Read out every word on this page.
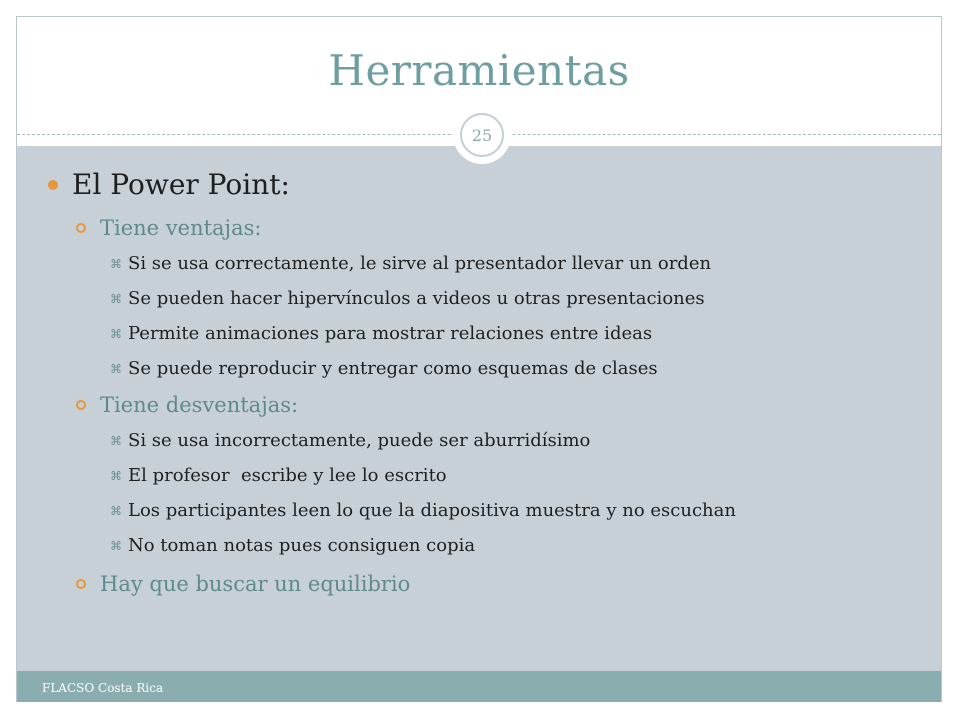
Herramientas
FLACSO Costa Rica
25
El Power Point:
Tiene ventajas:
⌘ Si se usa correctamente, le sirve al presentador llevar un orden
⌘ Se pueden hacer hipervínculos a videos u otras presentaciones
⌘ Permite animaciones para mostrar relaciones entre ideas
⌘ Se puede reproducir y entregar como esquemas de clases
Tiene desventajas:
⌘ Si se usa incorrectamente, puede ser aburridísimo
⌘ El profesor  escribe y lee lo escrito
⌘ Los participantes leen lo que la diapositiva muestra y no escuchan
⌘ No toman notas pues consiguen copia
Hay que buscar un equilibrio
